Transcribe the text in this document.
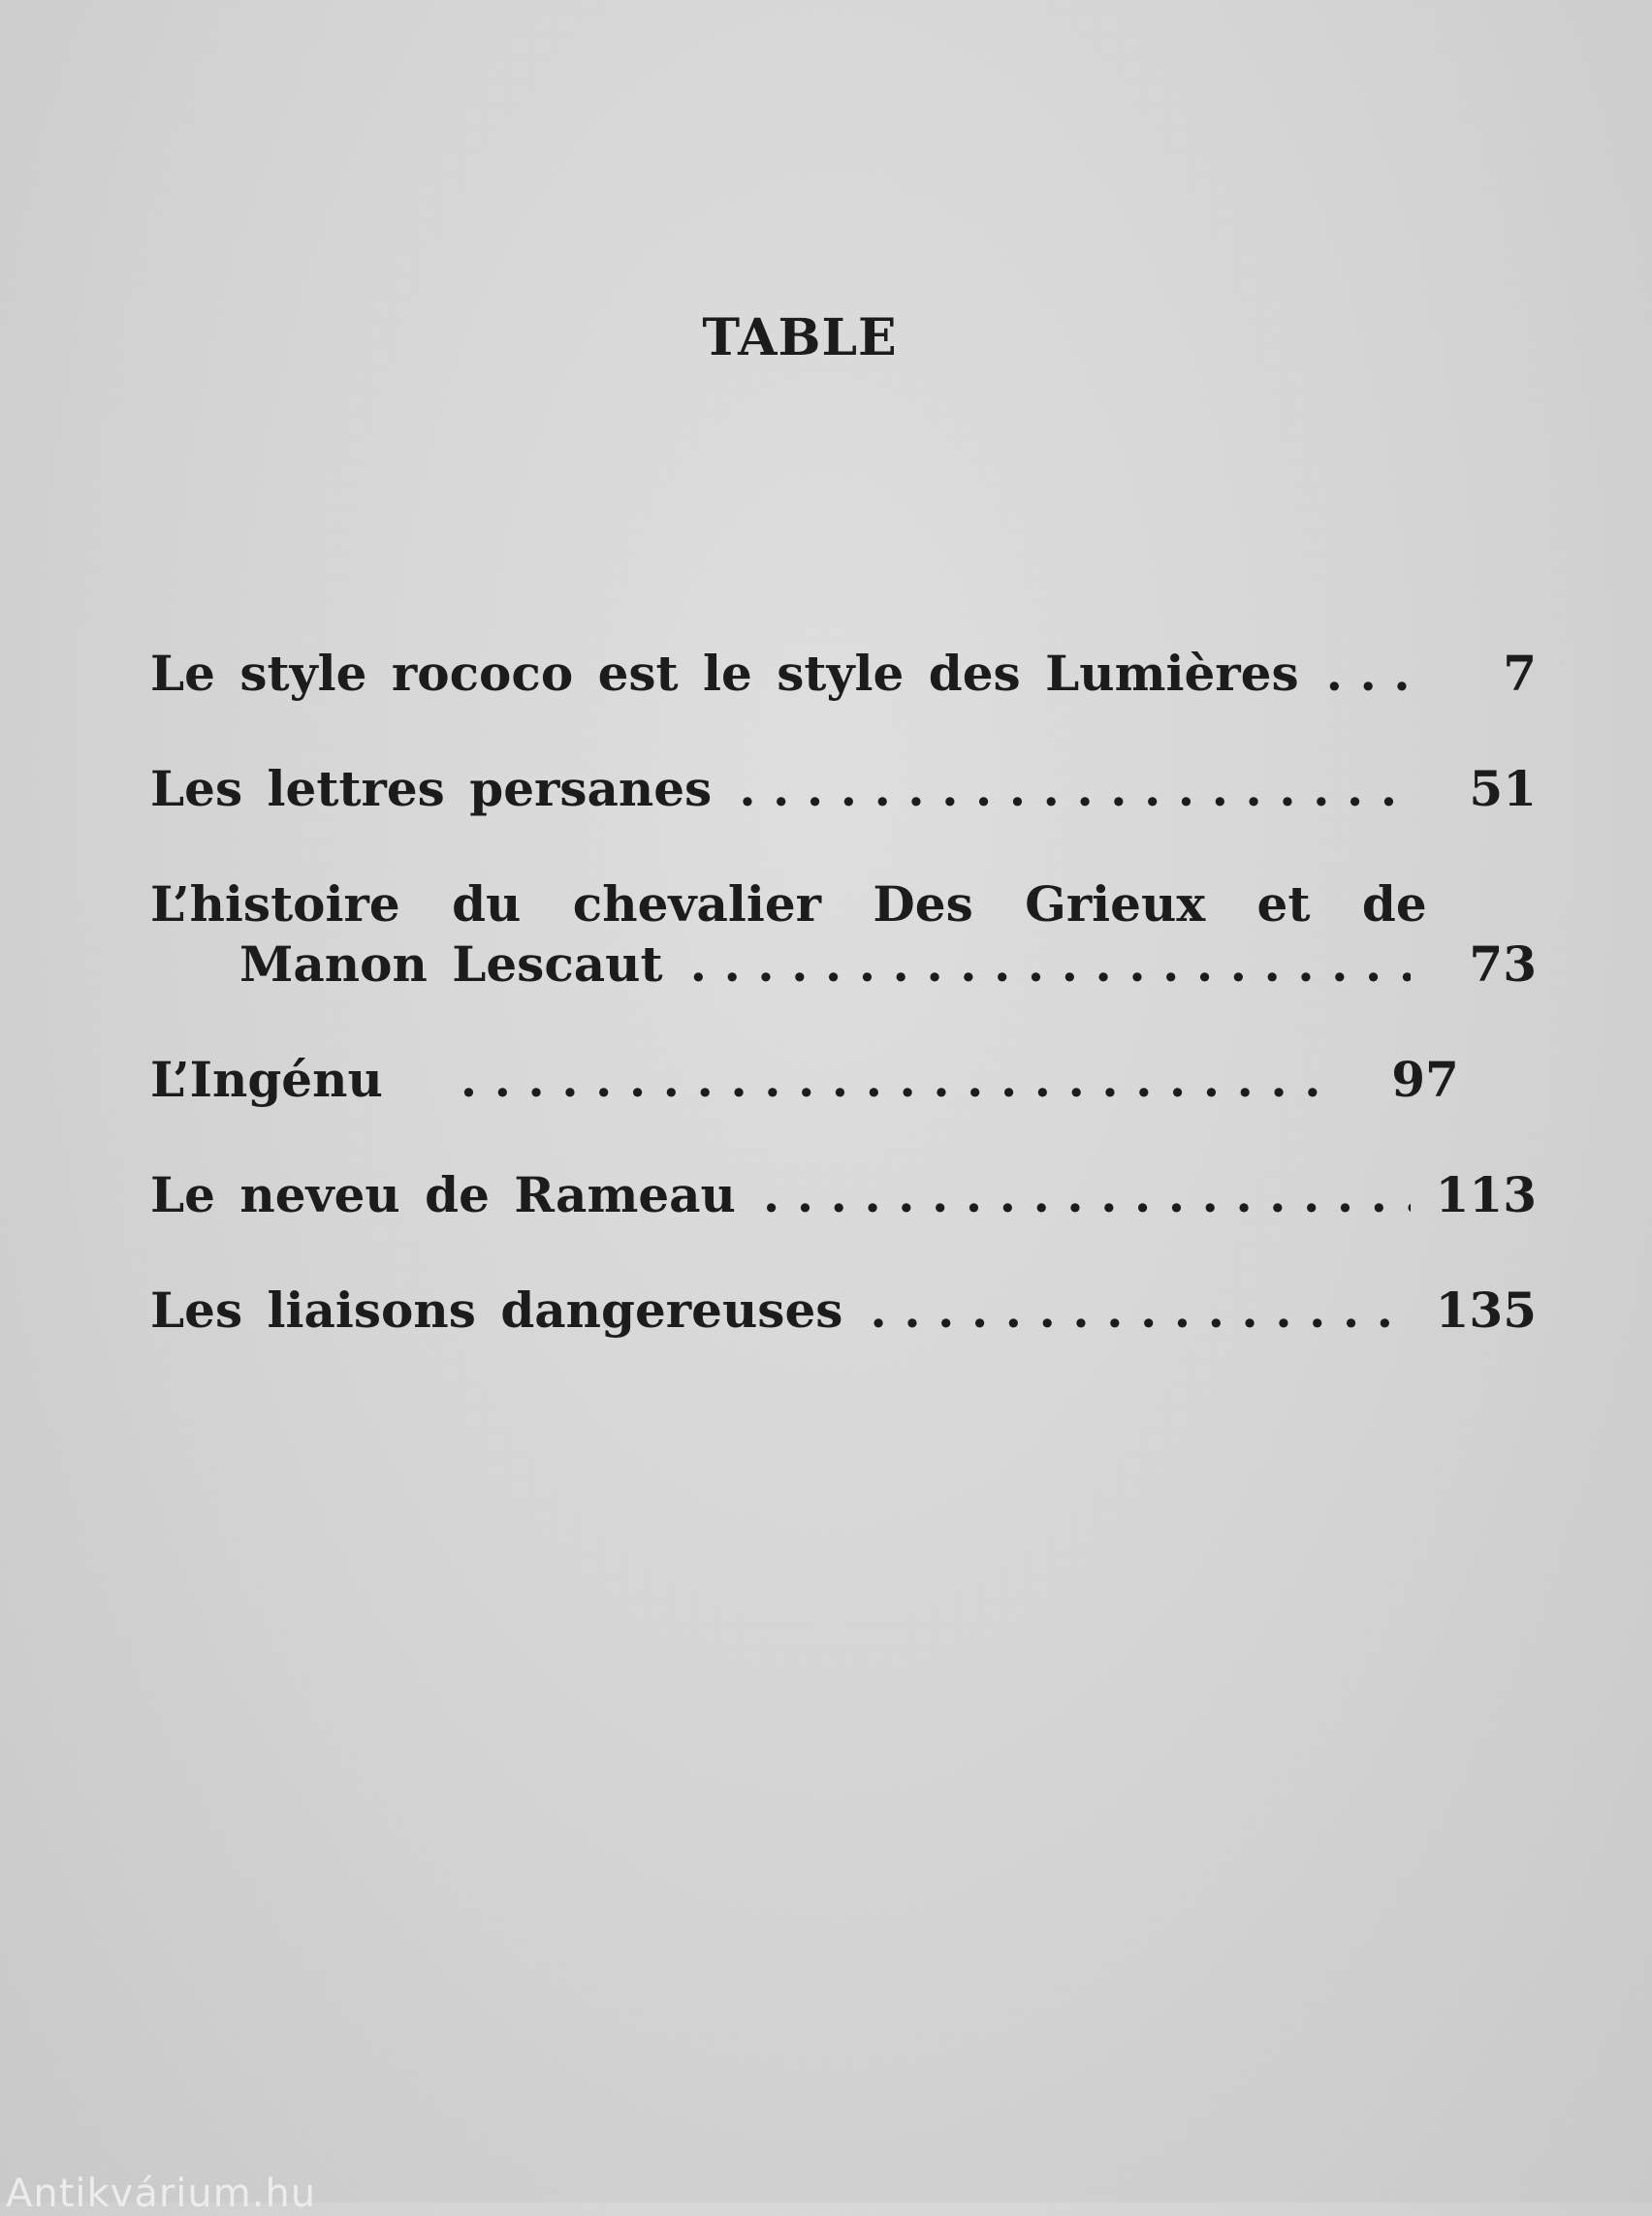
TABLE
Le style rococo est le style des Lumières . . .	7
Les lettres persanes . . .	51
L’histoire du chevalier Des Grieux et de
Manon Lescaut . . .	73
L’Ingénu . . .	97
Le neveu de Rameau . . .	113
Les liaisons dangereuses . . .	135
Antikvárium.hu
